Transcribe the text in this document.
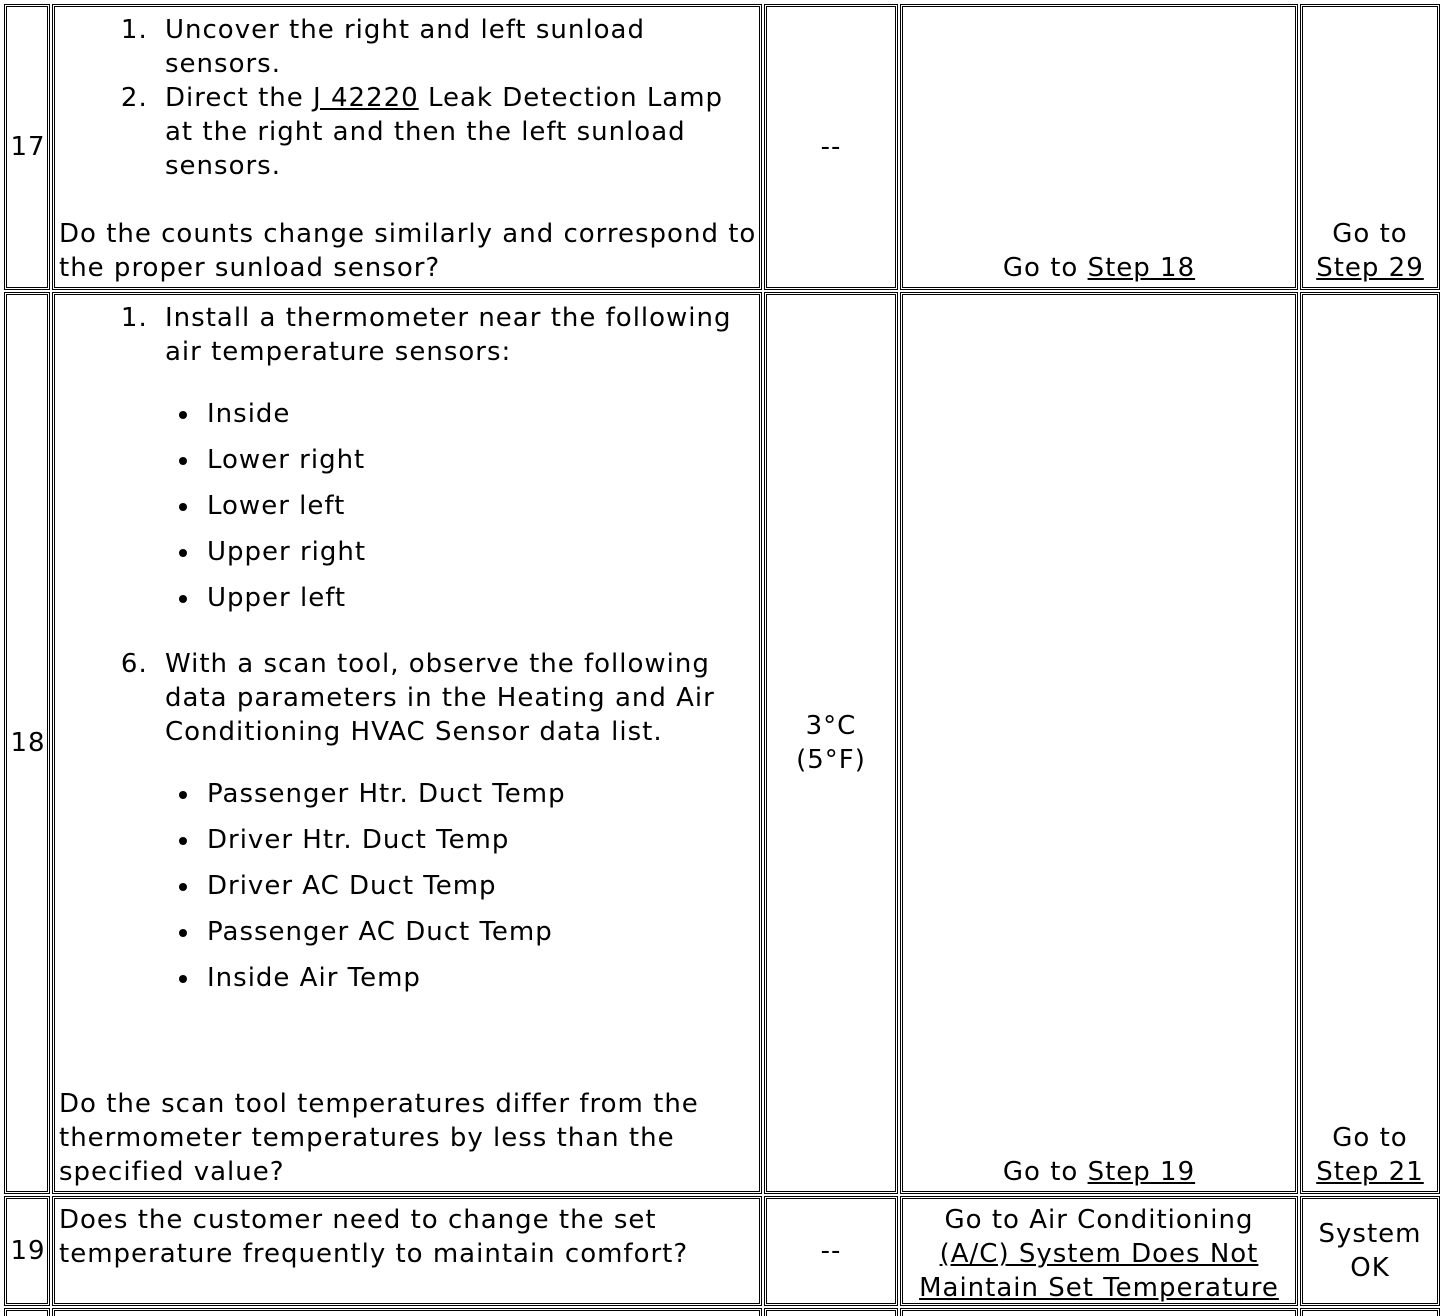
17
1. Uncover the right and left sunload sensors.
2. Direct the J 42220 Leak Detection Lamp at the right and then the left sunload sensors.
Do the counts change similarly and correspond to the proper sunload sensor?
--
Go to Step 18
Go to
Step 29
18
1. Install a thermometer near the following air temperature sensors:
• Inside
• Lower right
• Lower left
• Upper right
• Upper left
6. With a scan tool, observe the following data parameters in the Heating and Air Conditioning HVAC Sensor data list.
• Passenger Htr. Duct Temp
• Driver Htr. Duct Temp
• Driver AC Duct Temp
• Passenger AC Duct Temp
• Inside Air Temp
Do the scan tool temperatures differ from the thermometer temperatures by less than the specified value?
3°C
(5°F)
Go to Step 19
Go to
Step 21
19
Does the customer need to change the set temperature frequently to maintain comfort?	--
Go to Air Conditioning
(A/C) System Does Not Maintain Set Temperature
System OK
